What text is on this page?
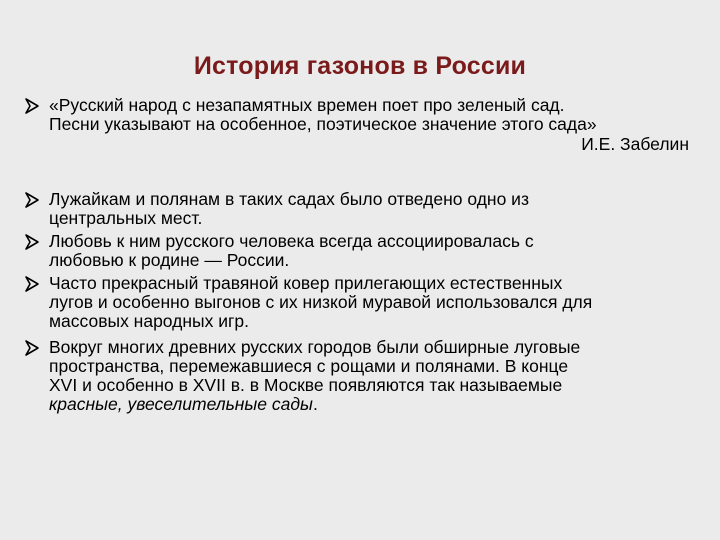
История газонов в России
«Русский народ с незапамятных времен поет про зеленый сад.
Песни указывают на особенное, поэтическое значение этого сада»
И.Е. Забелин
Лужайкам и полянам в таких садах было отведено одно из
центральных мест.
Любовь к ним русского человека всегда ассоциировалась с
любовью к родине — России.
Часто прекрасный травяной ковер прилегающих естественных
лугов и особенно выгонов с их низкой муравой использовался для
массовых народных игр.
Вокруг многих древних русских городов были обширные луговые
пространства, перемежавшиеся с рощами и полянами. В конце
XVI и особенно в XVII в. в Москве появляются так называемые
красные, увеселительные сады.
